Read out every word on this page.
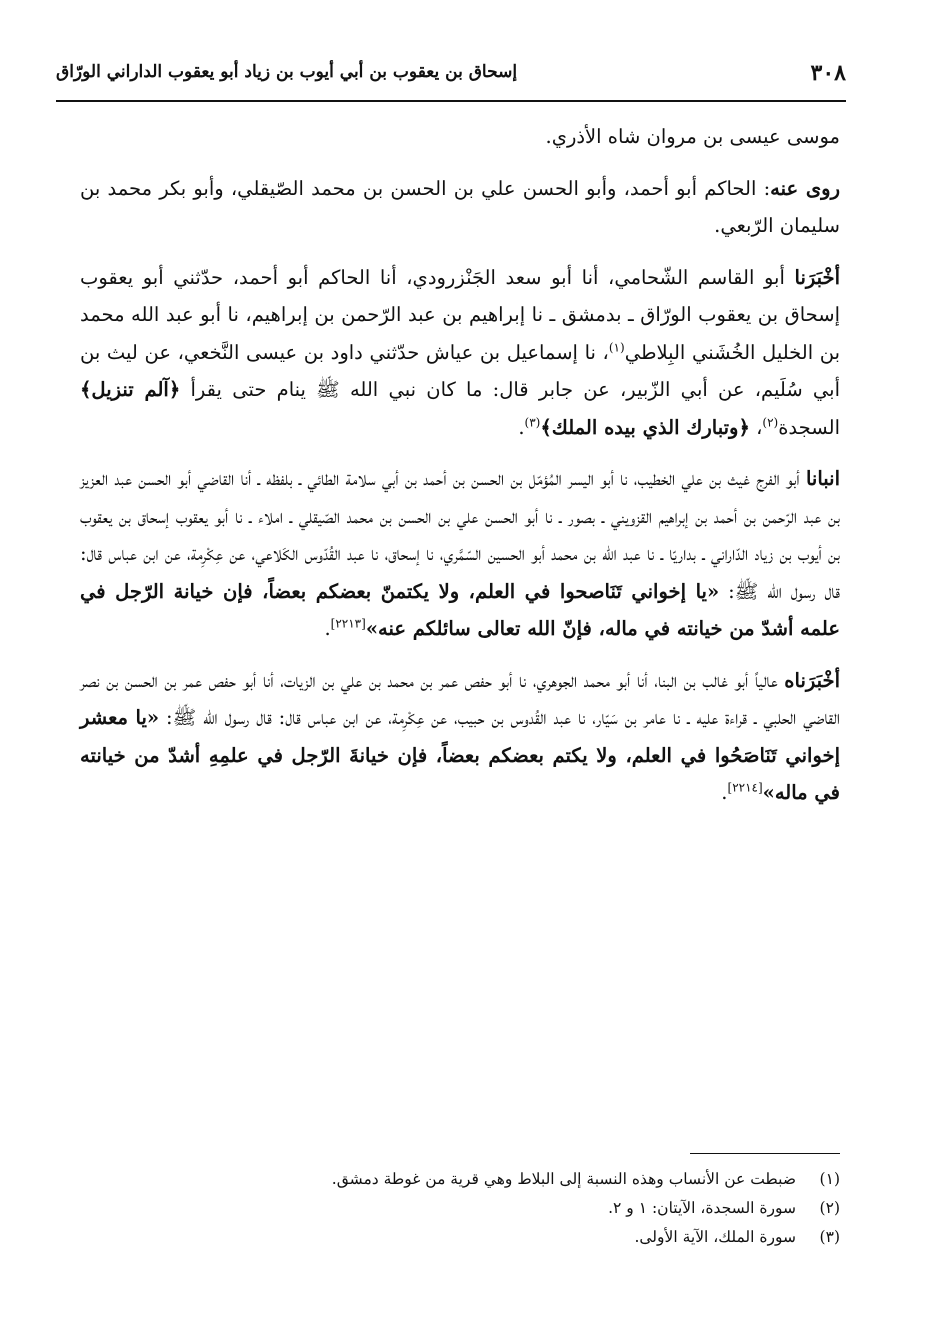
٣٠٨
إسحاق بن يعقوب بن أبي أيوب بن زياد أبو يعقوب الداراني الورّاق

موسى عيسى بن مروان شاه الأذري.

روى عنه: الحاكم أبو أحمد، وأبو الحسن علي بن الحسن بن محمد الصّيقلي، وأبو بكر محمد بن سليمان الرّبعي.

أخْبَرَنا أبو القاسم الشّحامي، أنا أبو سعد الجَنْزرودي، أنا الحاكم أبو أحمد، حدّثني أبو يعقوب إسحاق بن يعقوب الورّاق ـ بدمشق ـ نا إبراهيم بن عبد الرّحمن بن إبراهيم، نا أبو عبد الله محمد بن الخليل الخُشَني البِلاطي$^{(١)}$، نا إسماعيل بن عياش حدّثني داود بن عيسى النَّخعي، عن ليث بن أبي سُلَيم، عن أبي الزّبير، عن جابر قال: ما كان نبي الله ﷺ ينام حتى يقرأ ﴿آلم تنزيل﴾ السجدة$^{(٢)}$، ﴿وتبارك الذي بيده الملك﴾$^{(٣)}$.

انبانا أبو الفرج غيث بن علي الخطيب، نا أبو اليسر المُؤمّل بن الحسن بن أحمد بن أبي سلامة الطائي ـ بلفظه ـ أنا القاضي أبو الحسن عبد العزيز بن عبد الرّحمن بن أحمد بن إبراهيم القزويني ـ بصور ـ نا أبو الحسن علي بن الحسن بن محمد الصّيقلي ـ املاء ـ نا أبو يعقوب إسحاق بن يعقوب بن أيوب بن زياد الدّاراني ـ بداريّا ـ نا عبد الله بن محمد أبو الحسين السّمَّري، نا إسحاق، نا عبد القُدّوس الكَلاعي، عن عِكْرِمة، عن ابن عباس قال: قال رسول الله ﷺ: «يا إخواني تَنَاصحوا في العلم، ولا يكتمنّ بعضكم بعضاً، فإن خيانة الرّجل في علمه أشدّ من خيانته في ماله، فإنّ الله تعالى سائلكم عنه»[٢٢١٣].

أخْبَرَناه عالياً أبو غالب بن البنا، أنا أبو محمد الجوهري، نا أبو حفص عمر بن محمد بن علي بن الزيات، أنا أبو حفص عمر بن الحسن بن نصر القاضي الحلبي ـ قراءة عليه ـ نا عامر بن سَيّار، نا عبد القُدوس بن حبيب، عن عِكْرِمة، عن ابن عباس قال: قال رسول الله ﷺ: «يا معشر إخواني تَنَاصَحُوا في العلم، ولا يكتم بعضكم بعضاً، فإن خيانةَ الرّجل في علمِهِ أشدّ من خيانته في ماله»[٢٢١٤].

(١)ضبطت عن الأنساب وهذه النسبة إلى البلاط وهي قرية من غوطة دمشق.
(٢)سورة السجدة، الآيتان: ١ و ٢.
(٣)سورة الملك، الآية الأولى.
